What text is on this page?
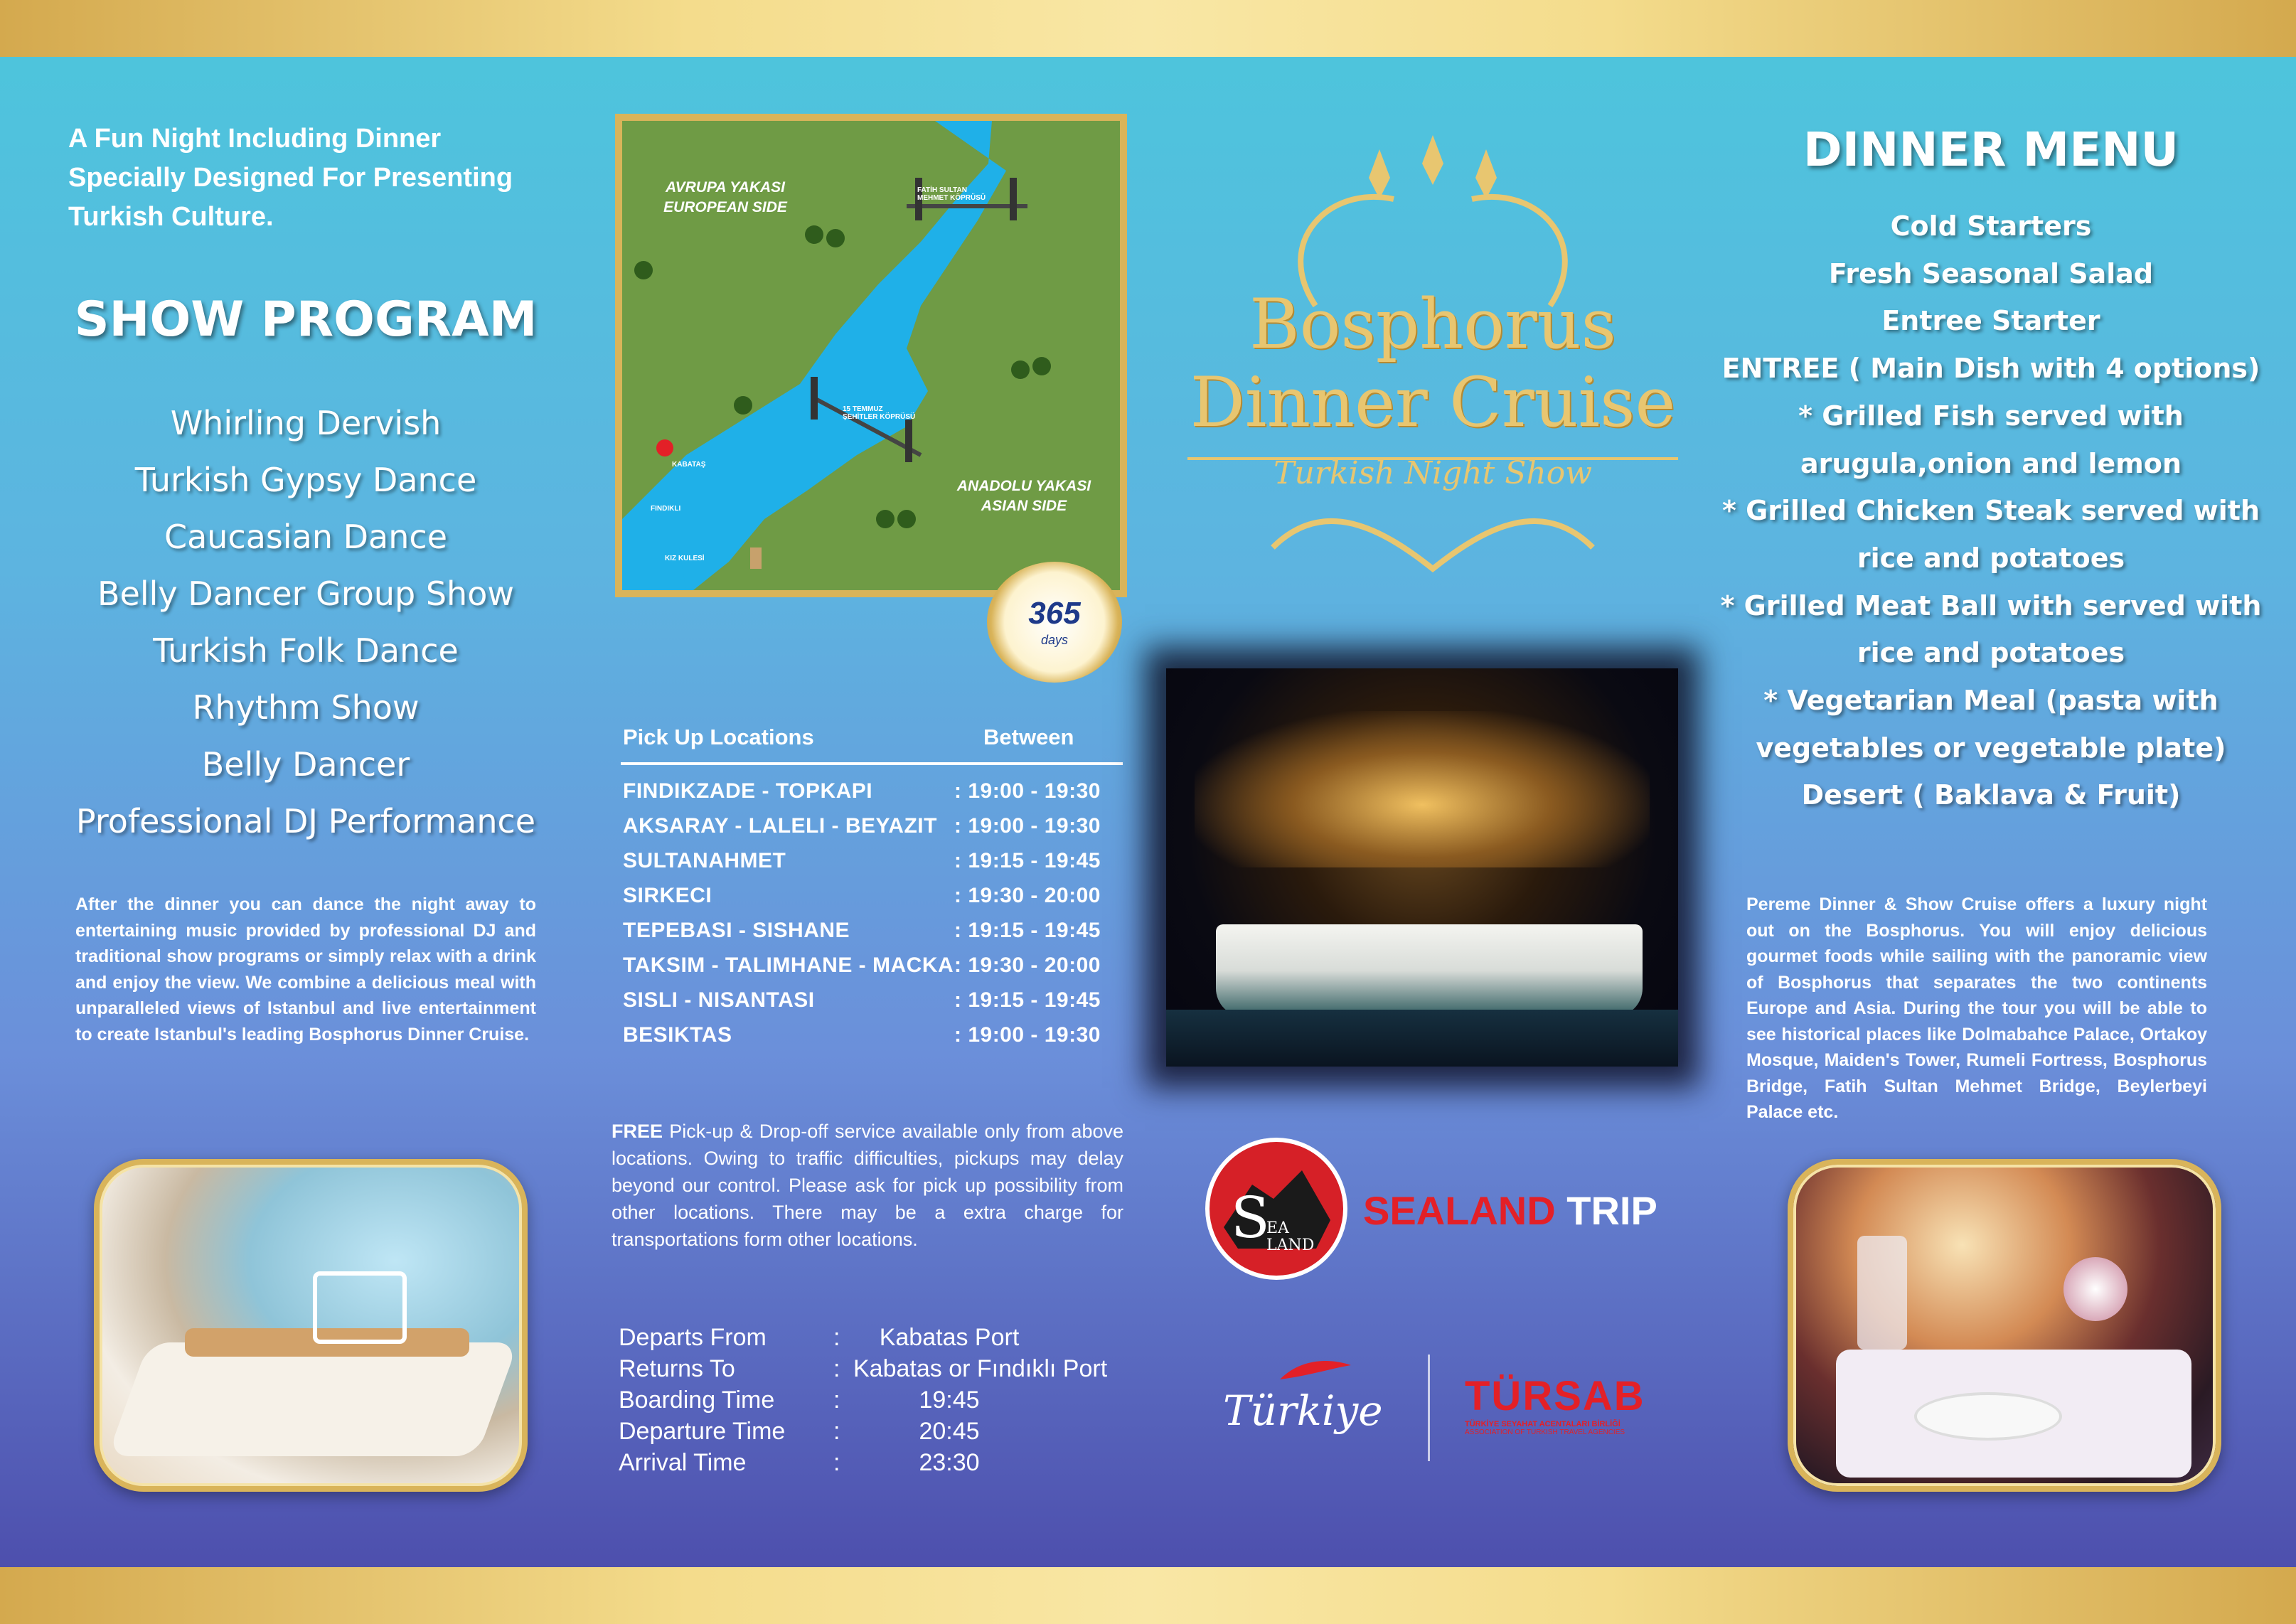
A Fun Night Including Dinner Specially Designed For Presenting Turkish Culture.
SHOW PROGRAM
Whirling Dervish
Turkish Gypsy Dance
Caucasian Dance
Belly Dancer Group Show
Turkish Folk Dance
Rhythm Show
Belly Dancer
Professional DJ Performance
After the dinner you can dance the night away to entertaining music provided by professional DJ and traditional show programs or simply relax with a drink and enjoy the view. We combine a delicious meal with unparalleled views of Istanbul and live entertainment to create Istanbul's leading Bosphorus Dinner Cruise.
AVRUPA YAKASI
EUROPEAN SIDE
ANADOLU YAKASI
ASIAN SIDE
FATİH SULTAN
MEHMET KÖPRÜSÜ
15 TEMMUZ
ŞEHİTLER KÖPRÜSÜ
KABATAŞ
FINDIKLI
KIZ KULESİ
365
days
Pick Up Locations	Between
FINDIKZADE - TOPKAPI	: 19:00 - 19:30
AKSARAY - LALELI - BEYAZIT : 19:00 - 19:30
SULTANAHMET	: 19:15 - 19:45
SIRKECI	: 19:30 - 20:00
TEPEBASI - SISHANE	: 19:15 - 19:45
TAKSIM - TALIMHANE - MACKA : 19:30 - 20:00
SISLI - NISANTASI	: 19:15 - 19:45
BESIKTAS	: 19:00 - 19:30
FREE Pick-up & Drop-off service available only from above locations. Owing to traffic difficulties, pickups may delay beyond our control. Please ask for pick up possibility from other locations. There may be a extra charge for transportations form other locations.
Departs From	:	Kabatas Port
Returns To	: Kabatas or Fındıklı Port
Boarding Time :	19:45
Departure Time :	20:45
Arrival Time	:	23:30
Bosphorus
Dinner Cruise
Turkish Night Show
S
EA
LAND
SEALAND TRIP
Türkiye TÜRSAB
TÜRKİYE SEYAHAT ACENTALARI BİRLİĞİ
ASSOCIATION OF TURKISH TRAVEL AGENCIES
DINNER MENU
Cold Starters
Fresh Seasonal Salad
Entree Starter
ENTREE ( Main Dish with 4 options)
* Grilled Fish served with arugula,onion and lemon
* Grilled Chicken Steak served with rice and potatoes
* Grilled Meat Ball with served with rice and potatoes
* Vegetarian Meal (pasta with vegetables or vegetable plate)
Desert ( Baklava & Fruit)
Pereme Dinner & Show Cruise offers a luxury night out on the Bosphorus. You will enjoy delicious gourmet foods while sailing with the panoramic view of Bosphorus that separates the two continents Europe and Asia. During the tour you will be able to see historical places like Dolmabahce Palace, Ortakoy Mosque, Maiden's Tower, Rumeli Fortress, Bosphorus Bridge, Fatih Sultan Mehmet Bridge, Beylerbeyi Palace etc.
